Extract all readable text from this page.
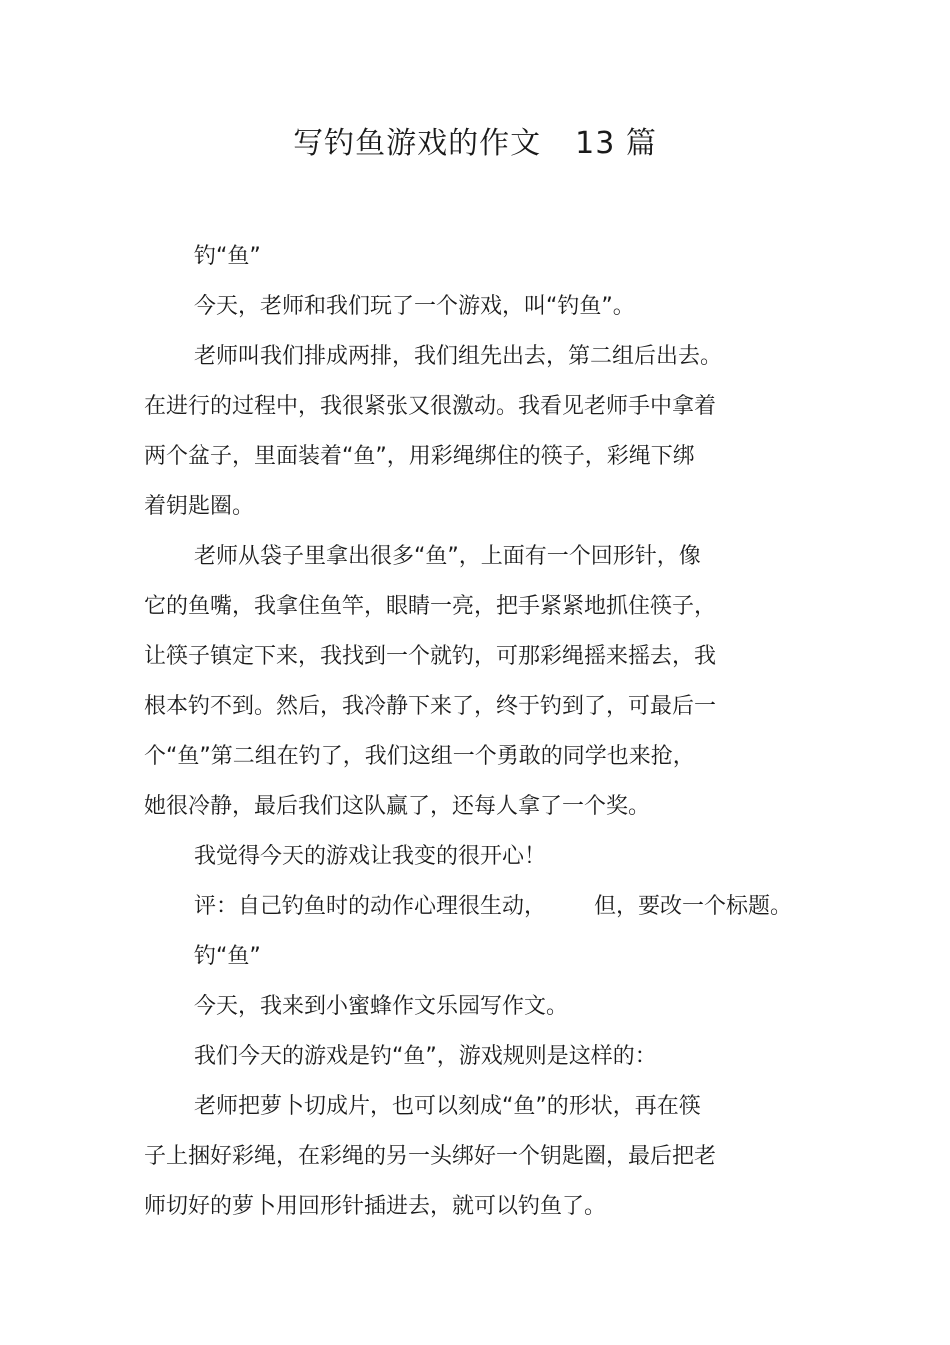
写钓鱼游戏的作文 13 篇
钓“鱼”
今天，老师和我们玩了一个游戏，叫“钓鱼”。
老师叫我们排成两排，我们组先出去，第二组后出去。
在进行的过程中，我很紧张又很激动。我看见老师手中拿着
两个盆子，里面装着“鱼”，用彩绳绑住的筷子，彩绳下绑
着钥匙圈。
老师从袋子里拿出很多“鱼”，上面有一个回形针，像
它的鱼嘴，我拿住鱼竿，眼睛一亮，把手紧紧地抓住筷子，
让筷子镇定下来，我找到一个就钓，可那彩绳摇来摇去，我
根本钓不到。然后，我冷静下来了，终于钓到了，可最后一
个“鱼”第二组在钓了，我们这组一个勇敢的同学也来抢，
她很冷静，最后我们这队赢了，还每人拿了一个奖。
我觉得今天的游戏让我变的很开心！
评：自己钓鱼时的动作心理很生动， 但，要改一个标题。
钓“鱼”
今天，我来到小蜜蜂作文乐园写作文。
我们今天的游戏是钓“鱼”，游戏规则是这样的：
老师把萝卜切成片，也可以刻成“鱼”的形状，再在筷
子上捆好彩绳，在彩绳的另一头绑好一个钥匙圈，最后把老
师切好的萝卜用回形针插进去，就可以钓鱼了。
